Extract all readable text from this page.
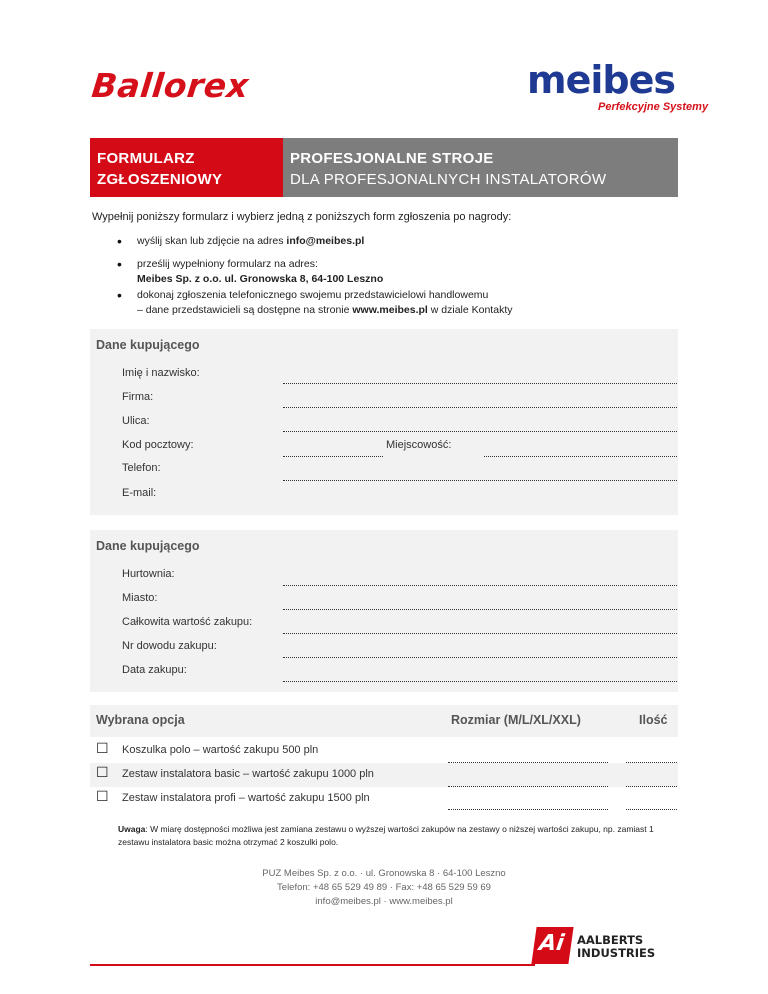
Ballorex	meibes
Perfekcyjne Systemy
FORMULARZ
ZGŁOSZENIOWY
PROFESJONALNE STROJE
DLA PROFESJONALNYCH INSTALATORÓW
Wypełnij poniższy formularz i wybierz jedną z poniższych form zgłoszenia po nagrody:
• wyślij skan lub zdjęcie na adres info@meibes.pl
• prześlij wypełniony formularz na adres:
Meibes Sp. z o.o. ul. Gronowska 8, 64-100 Leszno
• dokonaj zgłoszenia telefonicznego swojemu przedstawicielowi handlowemu
– dane przedstawicieli są dostępne na stronie www.meibes.pl w dziale Kontakty
Dane kupującego
Imię i nazwisko:
Firma:
Ulica:
Kod pocztowy:	Miejscowość:
Telefon:
E-mail:
Dane kupującego
Hurtownia:
Miasto:
Całkowita wartość zakupu:
Nr dowodu zakupu:
Data zakupu:
Wybrana opcja	Rozmiar (M/L/XL/XXL)	Ilość
☐ Koszulka polo – wartość zakupu 500 pln
☐ Zestaw instalatora basic – wartość zakupu 1000 pln
☐ Zestaw instalatora profi – wartość zakupu 1500 pln
Uwaga: W miarę dostępności możliwa jest zamiana zestawu o wyższej wartości zakupów na zestawy o niższej wartości zakupu, np. zamiast 1 zestawu instalatora basic można otrzymać 2 koszulki polo.
PUZ Meibes Sp. z o.o. · ul. Gronowska 8 · 64-100 Leszno
Telefon: +48 65 529 49 89 · Fax: +48 65 529 59 69
info@meibes.pl · www.meibes.pl
Ai AALBERTS
INDUSTRIES
